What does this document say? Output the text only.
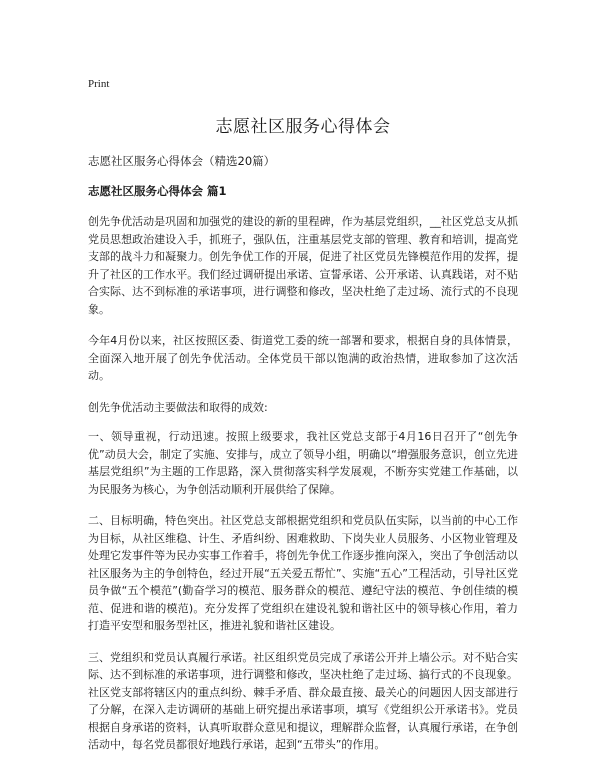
Print
志愿社区服务心得体会

志愿社区服务心得体会（精选20篇）

志愿社区服务心得体会 篇1

创先争优活动是巩固和加强党的建设的新的里程碑，作为基层党组织，__社区党总支从抓党员思想政治建设入手，抓班子，强队伍，注重基层党支部的管理、教育和培训，提高党支部的战斗力和凝聚力。创先争优工作的开展，促进了社区党员先锋模范作用的发挥，提升了社区的工作水平。我们经过调研提出承诺、宣誓承诺、公开承诺、认真践诺，对不贴合实际、达不到标准的承诺事项，进行调整和修改，坚决杜绝了走过场、流行式的不良现象。

今年4月份以来，社区按照区委、街道党工委的统一部署和要求，根据自身的具体情景，全面深入地开展了创先争优活动。全体党员干部以饱满的政治热情，进取参加了这次活动。

创先争优活动主要做法和取得的成效:

一、领导重视，行动迅速。按照上级要求，我社区党总支部于4月16日召开了“创先争优”动员大会，制定了实施、安排与，成立了领导小组，明确以“增强服务意识，创立先进基层党组织”为主题的工作思路，深入贯彻落实科学发展观，不断夯实党建工作基础，以为民服务为核心，为争创活动顺利开展供给了保障。

二、目标明确，特色突出。社区党总支部根据党组织和党员队伍实际，以当前的中心工作为目标，从社区维稳、计生、矛盾纠纷、困难救助、下岗失业人员服务、小区物业管理及处理它发事件等为民办实事工作着手，将创先争优工作逐步推向深入，突出了争创活动以社区服务为主的争创特色，经过开展“五关爱五帮忙”、实施“五心”工程活动，引导社区党员争做“五个模范”(勤奋学习的模范、服务群众的模范、遵纪守法的模范、争创佳绩的模范、促进和谐的模范)。充分发挥了党组织在建设礼貌和谐社区中的领导核心作用，着力打造平安型和服务型社区，推进礼貌和谐社区建设。

三、党组织和党员认真履行承诺。社区组织党员完成了承诺公开并上墙公示。对不贴合实际、达不到标准的承诺事项，进行调整和修改，坚决杜绝了走过场、搞行式的不良现象。社区党支部将辖区内的重点纠纷、棘手矛盾、群众最直接、最关心的问题因人因支部进行了分解，在深入走访调研的基础上研究提出承诺事项，填写《党组织公开承诺书》。党员根据自身承诺的资料，认真听取群众意见和提议，理解群众监督，认真履行承诺，在争创活动中，每名党员都很好地践行承诺，起到“五带头”的作用。
